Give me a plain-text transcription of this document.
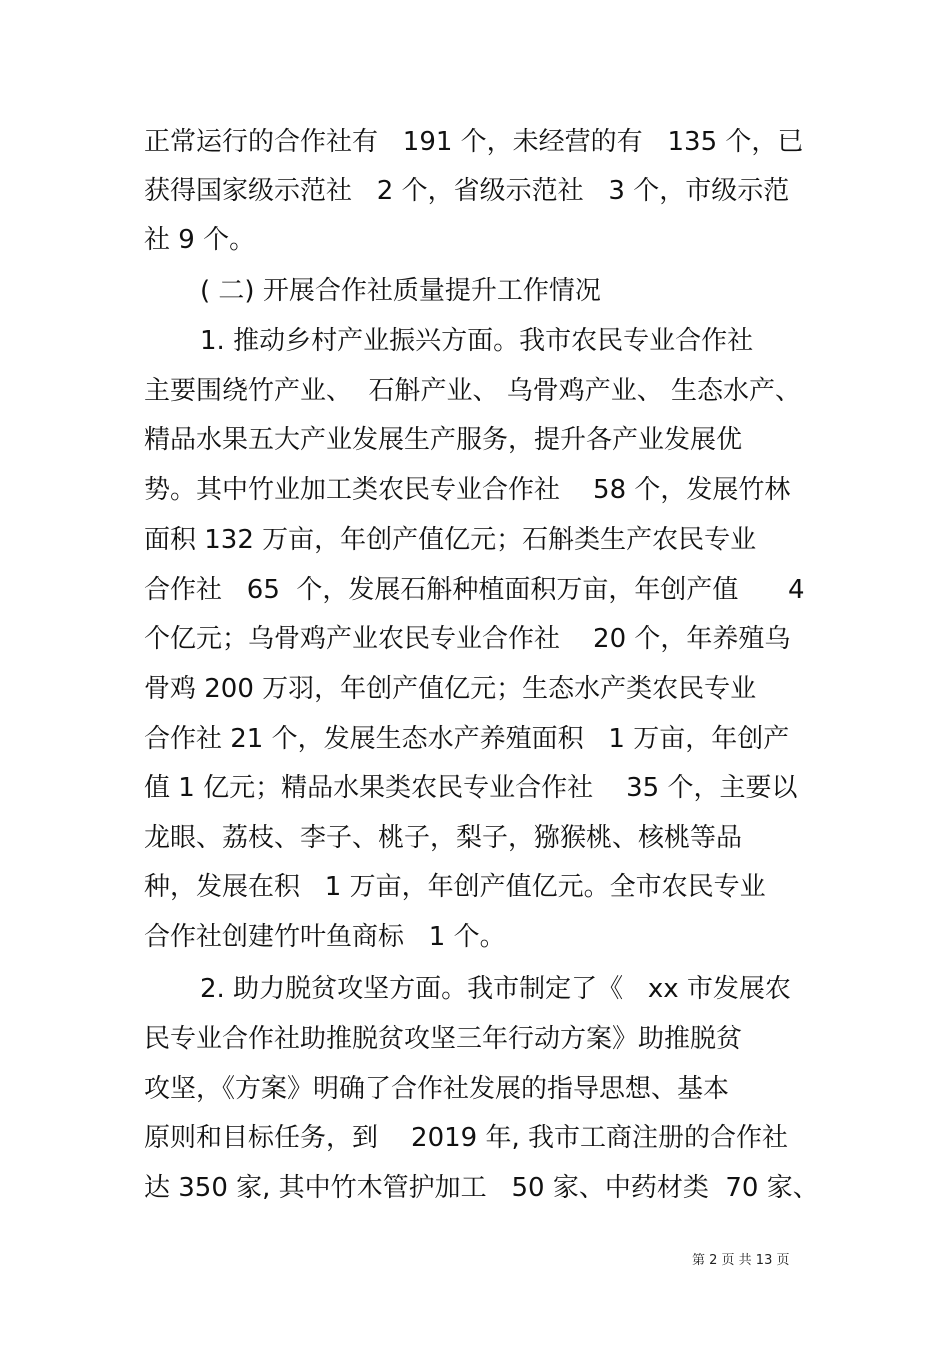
正常运行的合作社有   191 个，未经营的有   135 个，已
获得国家级示范社   2 个，省级示范社   3 个，市级示范
社 9 个。
( 二) 开展合作社质量提升工作情况
1. 推动乡村产业振兴方面。我市农民专业合作社
主要围绕竹产业、  石斛产业、 乌骨鸡产业、 生态水产、
精品水果五大产业发展生产服务，提升各产业发展优
势。其中竹业加工类农民专业合作社    58 个，发展竹林
面积 132 万亩，年创产值亿元；石斛类生产农民专业
合作社   65  个，发展石斛种植面积万亩，年创产值      4
个亿元；乌骨鸡产业农民专业合作社    20 个，年养殖乌
骨鸡 200 万羽，年创产值亿元；生态水产类农民专业
合作社 21 个，发展生态水产养殖面积   1 万亩，年创产
值 1 亿元；精品水果类农民专业合作社    35 个，主要以
龙眼、荔枝、李子、桃子，梨子，猕猴桃、核桃等品
种，发展在积   1 万亩，年创产值亿元。全市农民专业
合作社创建竹叶鱼商标   1 个。
2. 助力脱贫攻坚方面。我市制定了《   xx 市发展农
民专业合作社助推脱贫攻坚三年行动方案》助推脱贫
攻坚，《方案》明确了合作社发展的指导思想、基本
原则和目标任务，到    2019 年, 我市工商注册的合作社
达 350 家, 其中竹木管护加工   50 家、中药材类  70 家、
第 2 页 共 13 页
